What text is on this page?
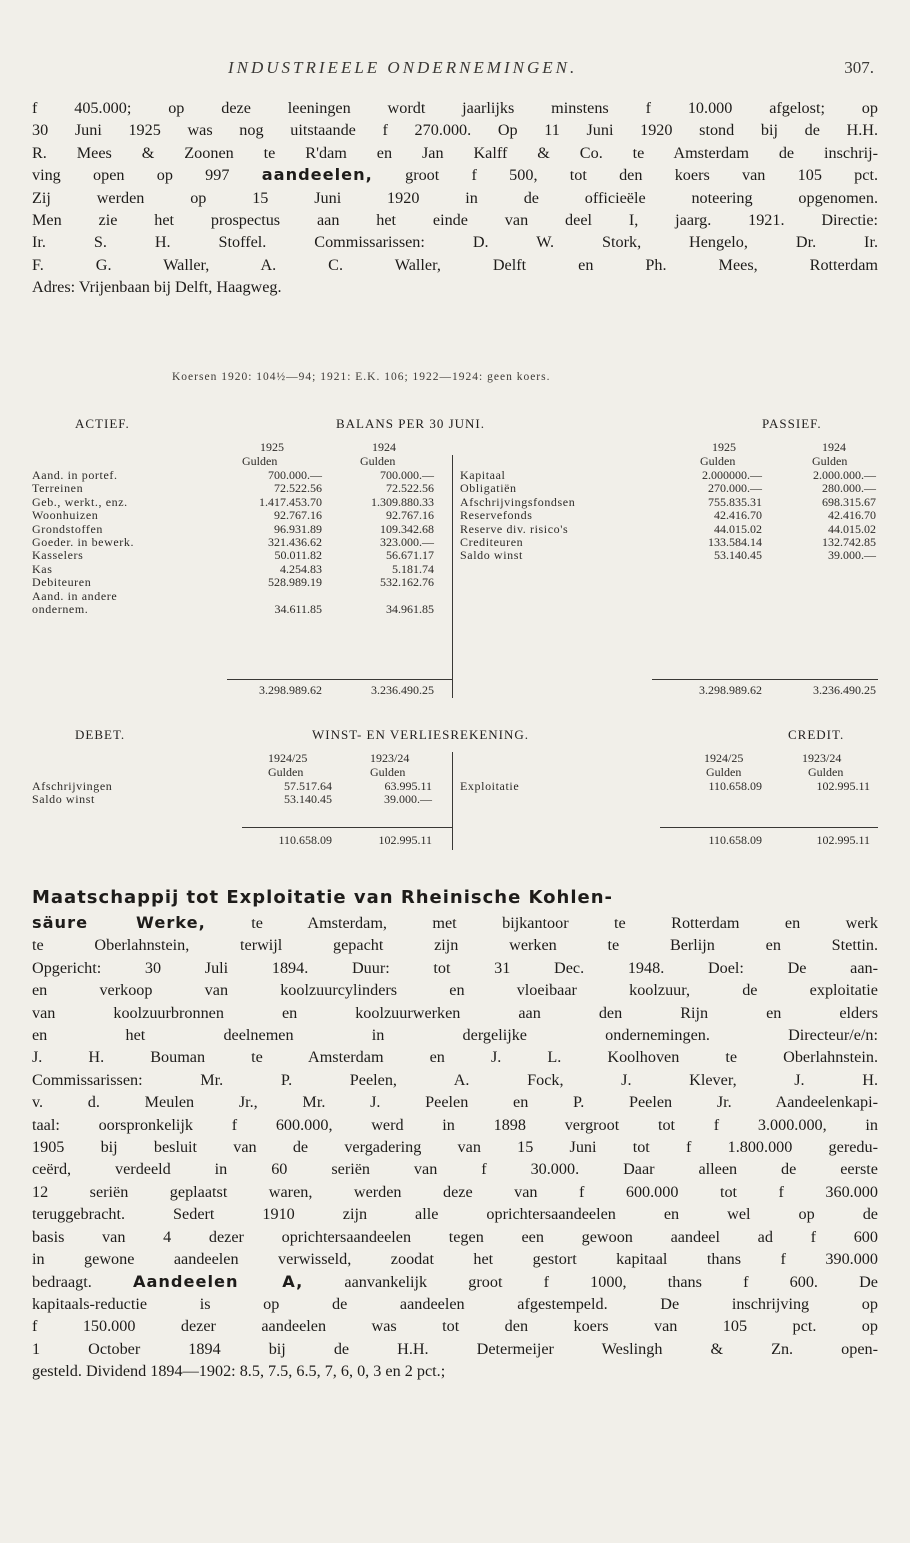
INDUSTRIEELE ONDERNEMINGEN.	307.
f 405.000; op deze leeningen wordt jaarlijks minstens f 10.000 afgelost; op
30 Juni 1925 was nog uitstaande f 270.000. Op 11 Juni 1920 stond bij de H.H.
R. Mees & Zoonen te R'dam en Jan Kalff & Co. te Amsterdam de inschrij-
ving open op 997 aandeelen, groot f 500, tot den koers van 105 pct.
Zij werden op 15 Juni 1920 in de officieële noteering opgenomen.
Men zie het prospectus aan het einde van deel I, jaarg. 1921. Directie:
Ir. S. H. Stoffel. Commissarissen: D. W. Stork, Hengelo, Dr. Ir.
F. G. Waller, A. C. Waller, Delft en Ph. Mees, Rotterdam
Adres: Vrijenbaan bij Delft, Haagweg.
Koersen 1920: 104½—94; 1921: E.K. 106; 1922—1924: geen koers.
ACTIEF.	BALANS PER 30 JUNI.	PASSIEF.
1925	1924	1925	1924
Gulden	Gulden	Gulden	Gulden
Aand. in portef.	700.000.—	700.000.—
Terreinen	72.522.56	72.522.56
Geb., werkt., enz.	1.417.453.70	1.309.880.33
Woonhuizen	92.767.16	92.767.16
Grondstoffen	96.931.89	109.342.68
Goeder. in bewerk.	321.436.62	323.000.—
Kasselers	50.011.82	56.671.17
Kas	4.254.83	5.181.74
Debiteuren	528.989.19	532.162.76
Aand. in andere
ondernem.	34.611.85	34.961.85
Kapitaal	2.000000.—	2.000.000.—
Obligatiën	270.000.—	280.000.—
Afschrijvingsfondsen	755.835.31	698.315.67
Reservefonds	42.416.70	42.416.70
Reserve div. risico's	44.015.02	44.015.02
Crediteuren	133.584.14	132.742.85
Saldo winst	53.140.45	39.000.—
3.298.989.62	3.236.490.25	3.298.989.62	3.236.490.25
DEBET.	WINST- EN VERLIESREKENING.	CREDIT.
1924/25	1923/24	1924/25	1923/24
Gulden	Gulden	Gulden	Gulden
Afschrijvingen	57.517.64	63.995.11
Saldo winst	53.140.45	39.000.—
Exploitatie	110.658.09	102.995.11
110.658.09	102.995.11	110.658.09	102.995.11
Maatschappij tot Exploitatie van Rheinische Kohlen-
säure Werke, te Amsterdam, met bijkantoor te Rotterdam en werk
te Oberlahnstein, terwijl gepacht zijn werken te Berlijn en Stettin.
Opgericht: 30 Juli 1894. Duur: tot 31 Dec. 1948. Doel: De aan-
en verkoop van koolzuurcylinders en vloeibaar koolzuur, de exploitatie
van koolzuurbronnen en koolzuurwerken aan den Rijn en elders
en het deelnemen in dergelijke ondernemingen. Directeur/e/n:
J. H. Bouman te Amsterdam en J. L. Koolhoven te Oberlahnstein.
Commissarissen: Mr. P. Peelen, A. Fock, J. Klever, J. H.
v. d. Meulen Jr., Mr. J. Peelen en P. Peelen Jr. Aandeelenkapi-
taal: oorspronkelijk f 600.000, werd in 1898 vergroot tot f 3.000.000, in
1905 bij besluit van de vergadering van 15 Juni tot f 1.800.000 geredu-
ceërd, verdeeld in 60 seriën van f 30.000. Daar alleen de eerste
12 seriën geplaatst waren, werden deze van f 600.000 tot f 360.000
teruggebracht. Sedert 1910 zijn alle oprichtersaandeelen en wel op de
basis van 4 dezer oprichtersaandeelen tegen een gewoon aandeel ad f 600
in gewone aandeelen verwisseld, zoodat het gestort kapitaal thans f 390.000
bedraagt. Aandeelen A, aanvankelijk groot f 1000, thans f 600. De
kapitaals-reductie is op de aandeelen afgestempeld. De inschrijving op
f 150.000 dezer aandeelen was tot den koers van 105 pct. op
1 October 1894 bij de H.H. Determeijer Weslingh & Zn. open-
gesteld. Dividend 1894—1902: 8.5, 7.5, 6.5, 7, 6, 0, 3 en 2 pct.;
